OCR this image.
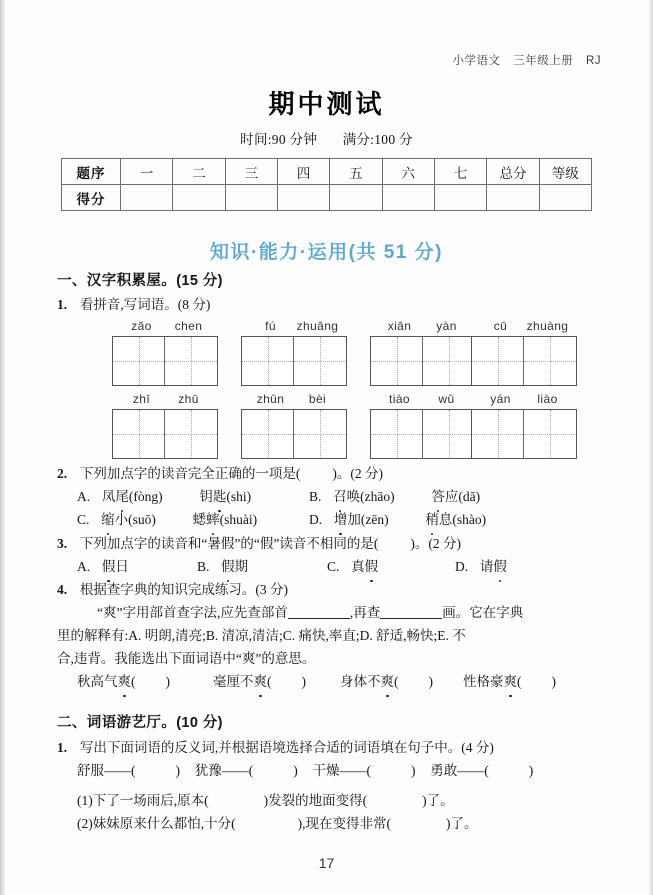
小学语文 三年级上册 RJ
期中测试
时间:90 分钟 满分:100 分
题序	一	二	三	四	五	六	七	总分	等级
得分									
知识·能力·运用(共 51 分)
一、汉字积累屋。(15 分)
1. 看拼音,写词语。(8 分)
zǎo chen	fú zhuāng	xiān yàn	cū zhuàng
zhī zhū	zhǔn bèi	tiào wǔ	yán liào
2. 下列加点字的读音完全正确的一项是( )。(2 分)
A. 凤尾(fòng)	钥匙(shi)	B. 召唤(zhāo)	答应(dā)
C. 缩小(suō)	蟋蟀(shuài)	D. 增加(zēn)	稍息(shào)
3. 下列加点字的读音和“暑假”的“假”读音不相同的是( )。(2 分)
A. 假日	B. 假期	C. 真假	D. 请假
4. 根据查字典的知识完成练习。(3 分)
“爽”字用部首查字法,应先查部首	,再查	画。它在字典
里的解释有:A. 明朗,清亮;B. 清凉,清洁;C. 痛快,率直;D. 舒适,畅快;E. 不
合,违背。我能选出下面词语中“爽”的意思。
秋高气爽( )	毫厘不爽( )	身体不爽( ) 性格豪爽( )
二、词语游艺厅。(10 分)
1. 写出下面词语的反义词,并根据语境选择合适的词语填在句子中。(4 分)
舒服——(	)  犹豫——(	)  干燥——(	)  勇敢——(	)
(1)下了一场雨后,原本(	)发裂的地面变得(	)了。
(2)妹妹原来什么都怕,十分(	),现在变得非常(	)了。
17
